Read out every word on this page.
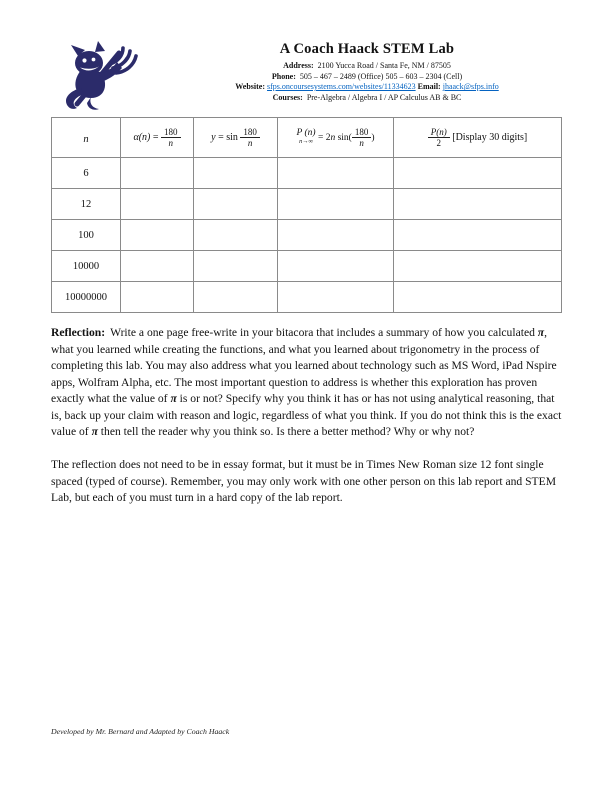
A Coach Haack STEM Lab
Address: 2100 Yucca Road / Santa Fe, NM / 87505
Phone: 505 – 467 – 2489 (Office) 505 – 603 – 2304 (Cell)
Website: sfps.oncoursesystems.com/websites/11334623 Email: jhaack@sfps.info
Courses: Pre-Algebra / Algebra I / AP Calculus AB & BC
n	$\alpha(n) = \frac{180}{n}$	$y = \sin \frac{180}{n}$	P (n)
n→∞ = 2n $\sin( \frac{180}{n}$ )	$\frac{P(n)}{2}$ [Display 30 digits]
6				
12				
100				
10000				
10000000				

Reflection: Write a one page free-write in your bitacora that includes a summary of how you calculated π, what you learned while creating the functions, and what you learned about trigonometry in the process of completing this lab. You may also address what you learned about technology such as MS Word, iPad Nspire apps, Wolfram Alpha, etc. The most important question to address is whether this exploration has proven exactly what the value of π is or not? Specify why you think it has or has not using analytical reasoning, that is, back up your claim with reason and logic, regardless of what you think. If you do not think this is the exact value of π then tell the reader why you think so. Is there a better method? Why or why not?

The reflection does not need to be in essay format, but it must be in Times New Roman size 12 font single spaced (typed of course). Remember, you may only work with one other person on this lab report and STEM Lab, but each of you must turn in a hard copy of the lab report.

Developed by Mr. Bernard and Adapted by Coach Haack
